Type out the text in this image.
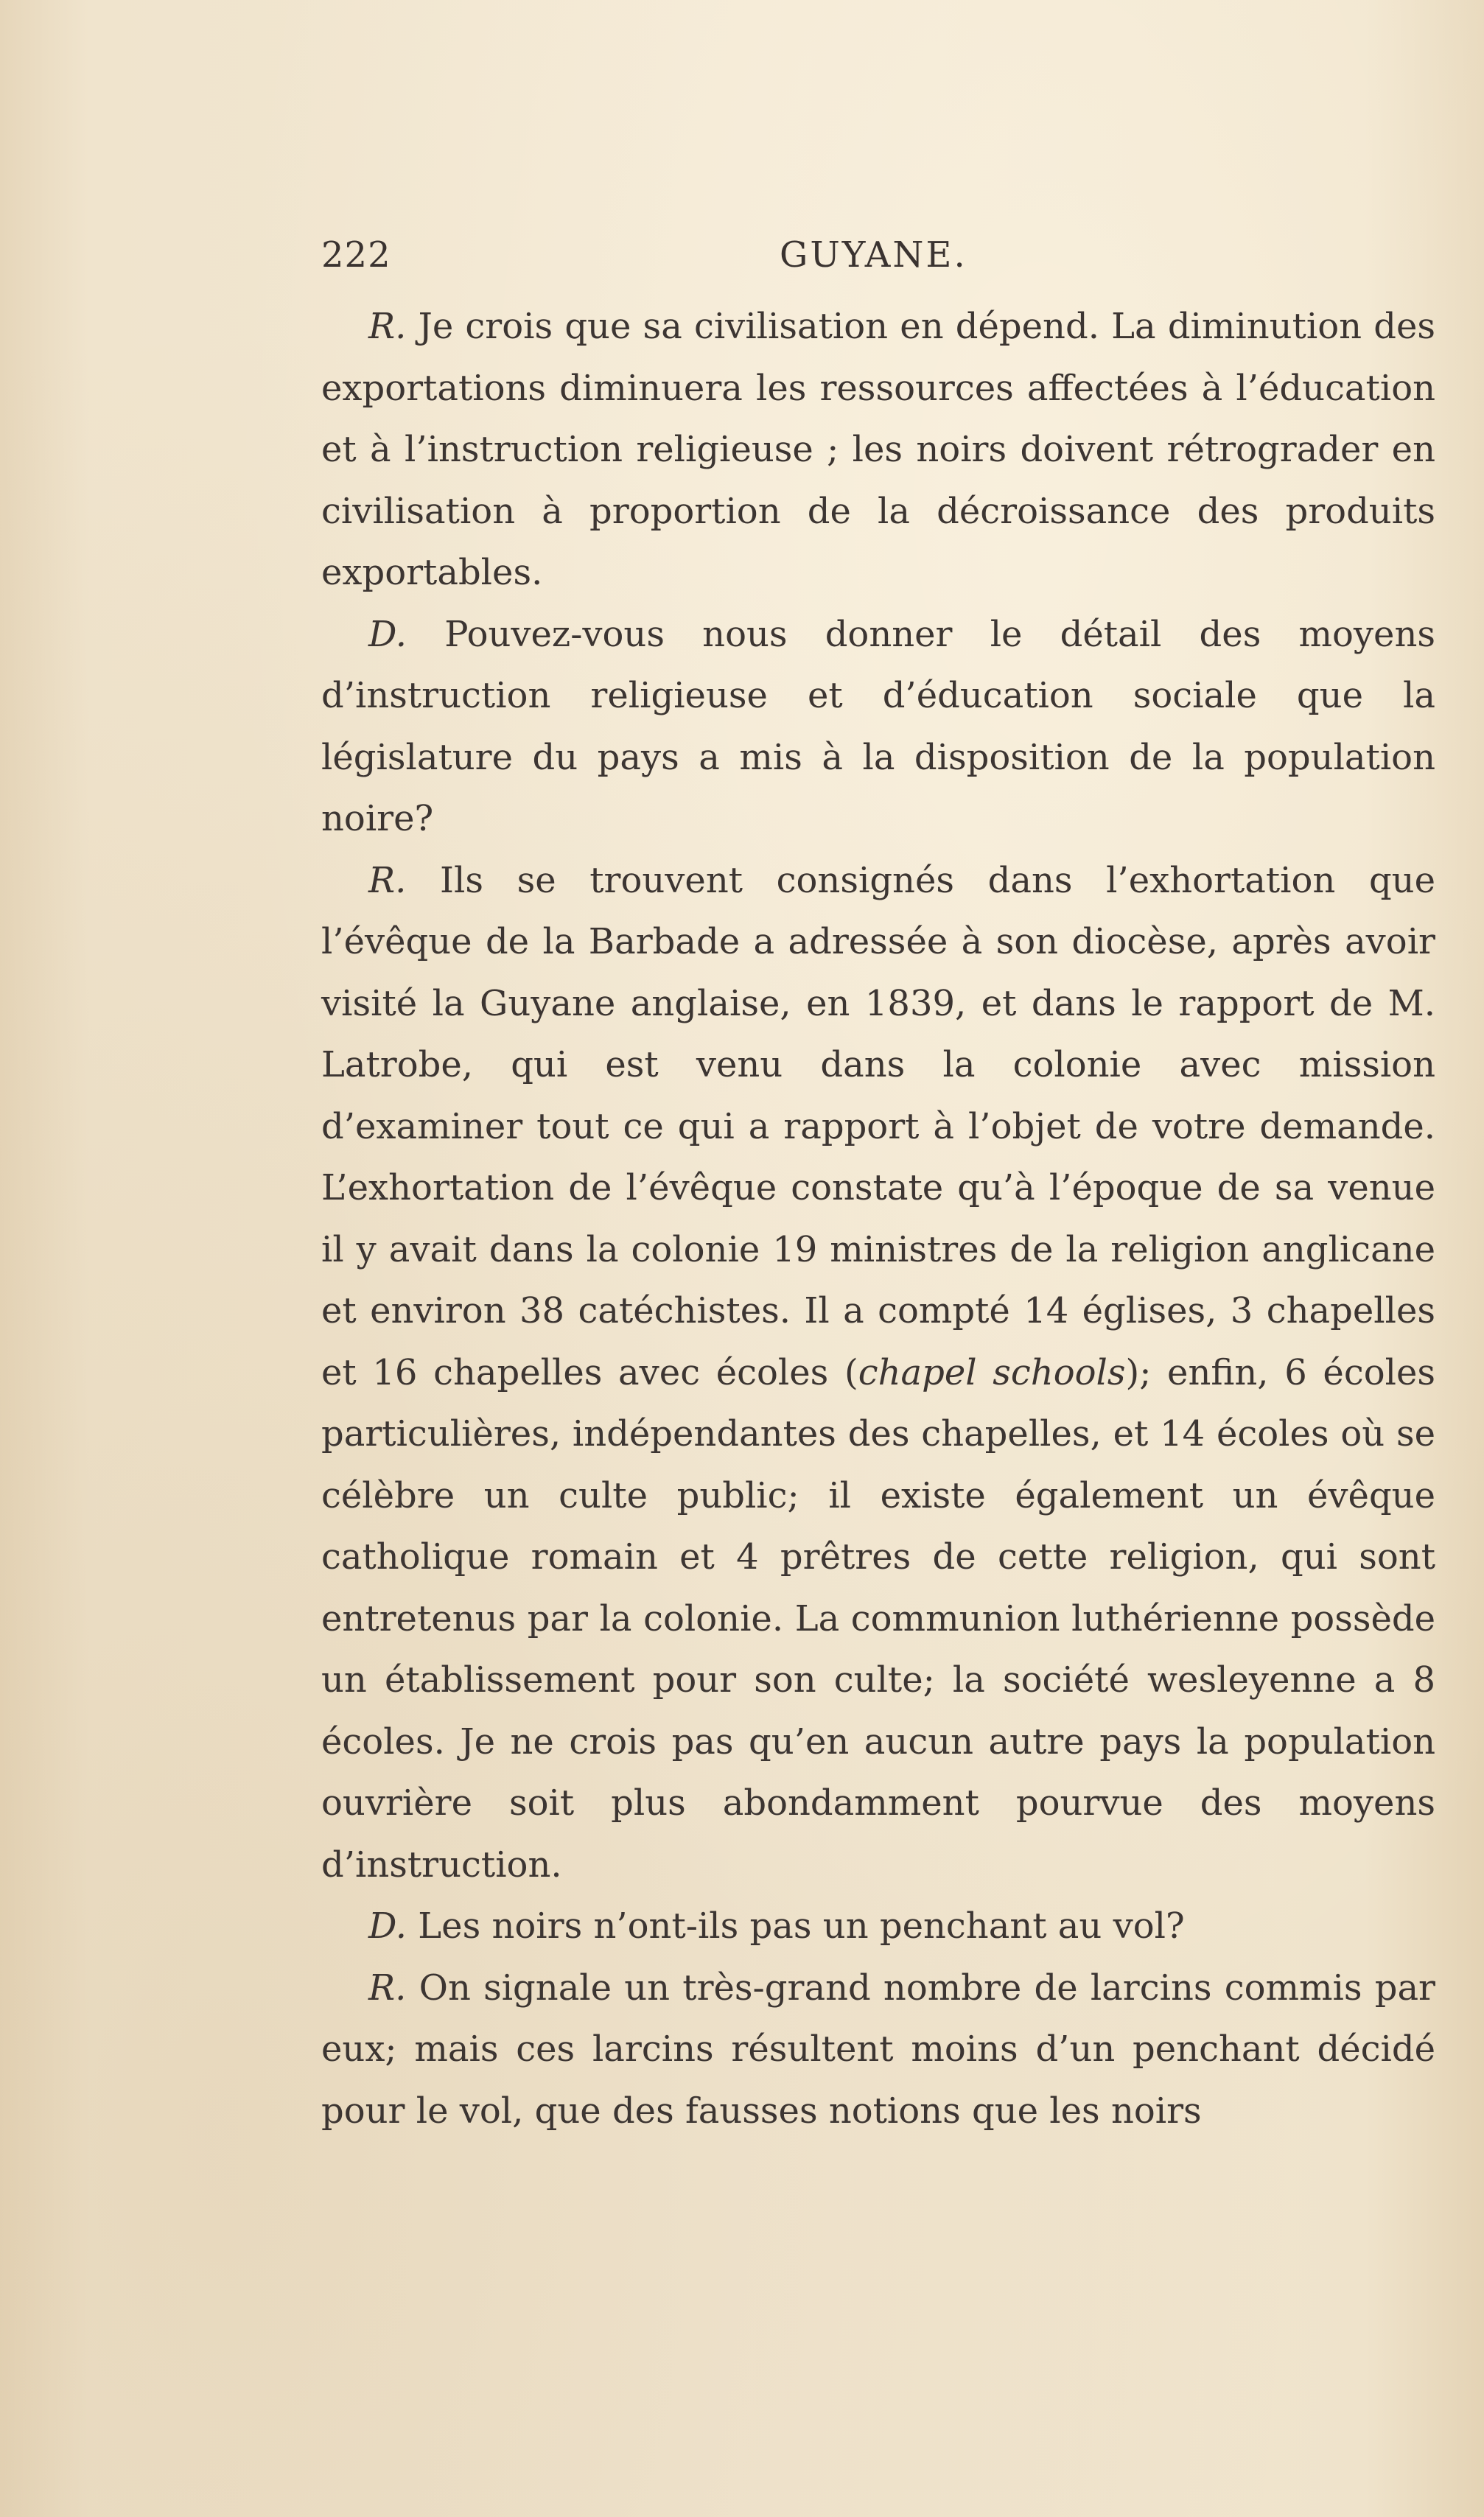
222	GUYANE.

R. Je crois que sa civilisation en dépend. La diminution des exportations diminuera les ressources affectées à l’éducation et à l’instruction religieuse ; les noirs doivent rétrograder en civilisation à proportion de la décroissance des produits exportables.

D. Pouvez-vous nous donner le détail des moyens d’instruction religieuse et d’éducation sociale que la législature du pays a mis à la disposition de la population noire?

R. Ils se trouvent consignés dans l’exhortation que l’évêque de la Barbade a adressée à son diocèse, après avoir visité la Guyane anglaise, en 1839, et dans le rapport de M. Latrobe, qui est venu dans la colonie avec mission d’examiner tout ce qui a rapport à l’objet de votre demande. L’exhortation de l’évêque constate qu’à l’époque de sa venue il y avait dans la colonie 19 ministres de la religion anglicane et environ 38 catéchistes. Il a compté 14 églises, 3 chapelles et 16 chapelles avec écoles (chapel schools); enfin, 6 écoles particulières, indépendantes des chapelles, et 14 écoles où se célèbre un culte public; il existe également un évêque catholique romain et 4 prêtres de cette religion, qui sont entretenus par la colonie. La communion luthérienne possède un établissement pour son culte; la société wesleyenne a 8 écoles. Je ne crois pas qu’en aucun autre pays la population ouvrière soit plus abondamment pourvue des moyens d’instruction.

D. Les noirs n’ont-ils pas un penchant au vol?

R. On signale un très-grand nombre de larcins commis par eux; mais ces larcins résultent moins d’un penchant décidé pour le vol, que des fausses notions que les noirs
